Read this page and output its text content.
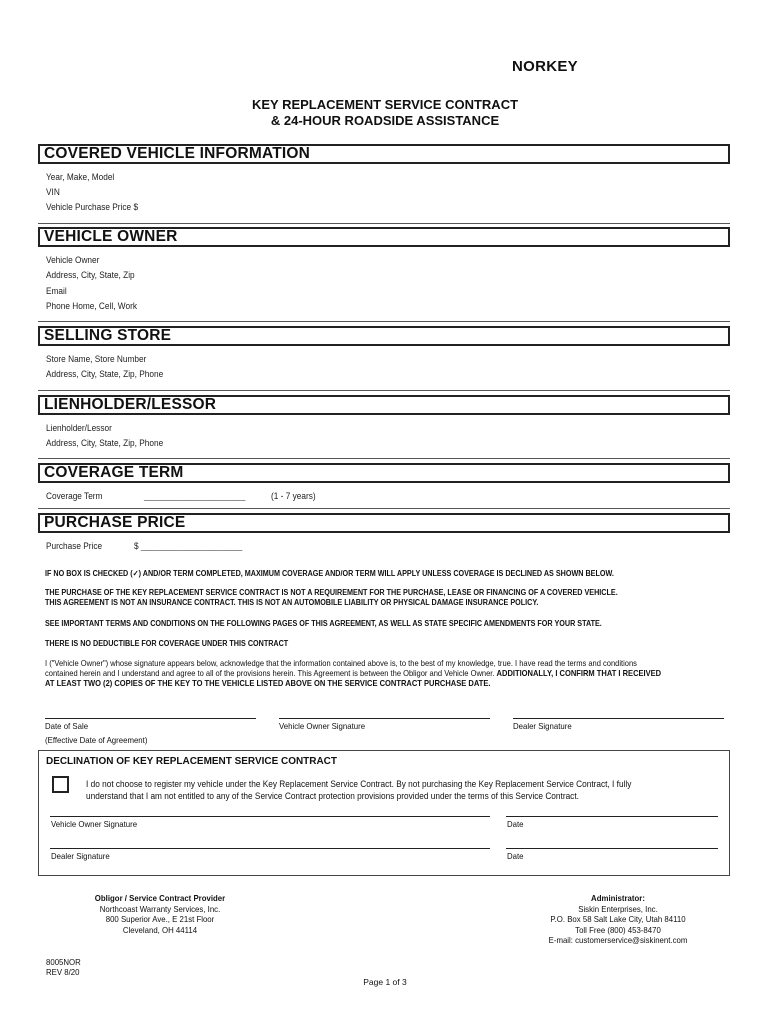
NORKEY
KEY REPLACEMENT SERVICE CONTRACT
& 24-HOUR ROADSIDE ASSISTANCE
COVERED VEHICLE INFORMATION
Year, Make, Model
VIN
Vehicle Purchase Price $
VEHICLE OWNER
Vehicle Owner
Address, City, State, Zip
Email
Phone Home, Cell, Work
SELLING STORE
Store Name, Store Number
Address, City, State, Zip, Phone
LIENHOLDER/LESSOR
Lienholder/Lessor
Address, City, State, Zip, Phone
COVERAGE TERM
Coverage Term	______________________	(1 - 7 years)
PURCHASE PRICE
Purchase Price	$ ______________________
IF NO BOX IS CHECKED (✓) AND/OR TERM COMPLETED, MAXIMUM COVERAGE AND/OR TERM WILL APPLY UNLESS COVERAGE IS DECLINED AS SHOWN BELOW.
THE PURCHASE OF THE KEY REPLACEMENT SERVICE CONTRACT IS NOT A REQUIREMENT FOR THE PURCHASE, LEASE OR FINANCING OF A COVERED VEHICLE.
THIS AGREEMENT IS NOT AN INSURANCE CONTRACT. THIS IS NOT AN AUTOMOBILE LIABILITY OR PHYSICAL DAMAGE INSURANCE POLICY.
SEE IMPORTANT TERMS AND CONDITIONS ON THE FOLLOWING PAGES OF THIS AGREEMENT, AS WELL AS STATE SPECIFIC AMENDMENTS FOR YOUR STATE.
THERE IS NO DEDUCTIBLE FOR COVERAGE UNDER THIS CONTRACT
I ("Vehicle Owner") whose signature appears below, acknowledge that the information contained above is, to the best of my knowledge, true. I have read the terms and conditions
contained herein and I understand and agree to all of the provisions herein. This Agreement is between the Obligor and Vehicle Owner. ADDITIONALLY, I CONFIRM THAT I RECEIVED
AT LEAST TWO (2) COPIES OF THE KEY TO THE VEHICLE LISTED ABOVE ON THE SERVICE CONTRACT PURCHASE DATE.
Date of Sale
(Effective Date of Agreement)
Vehicle Owner Signature	Dealer Signature
DECLINATION OF KEY REPLACEMENT SERVICE CONTRACT
I do not choose to register my vehicle under the Key Replacement Service Contract. By not purchasing the Key Replacement Service Contract, I fully
understand that I am not entitled to any of the Service Contract protection provisions provided under the terms of this Service Contract.
Vehicle Owner Signature	Date
Dealer Signature	Date
Obligor / Service Contract Provider
Northcoast Warranty Services, Inc.
800 Superior Ave., E 21st Floor
Cleveland, OH 44114
Administrator:
Siskin Enterprises, Inc.
P.O. Box 58 Salt Lake City, Utah 84110
Toll Free (800) 453-8470
E-mail: customerservice@siskinent.com
8005NOR
REV 8/20
Page 1 of 3
